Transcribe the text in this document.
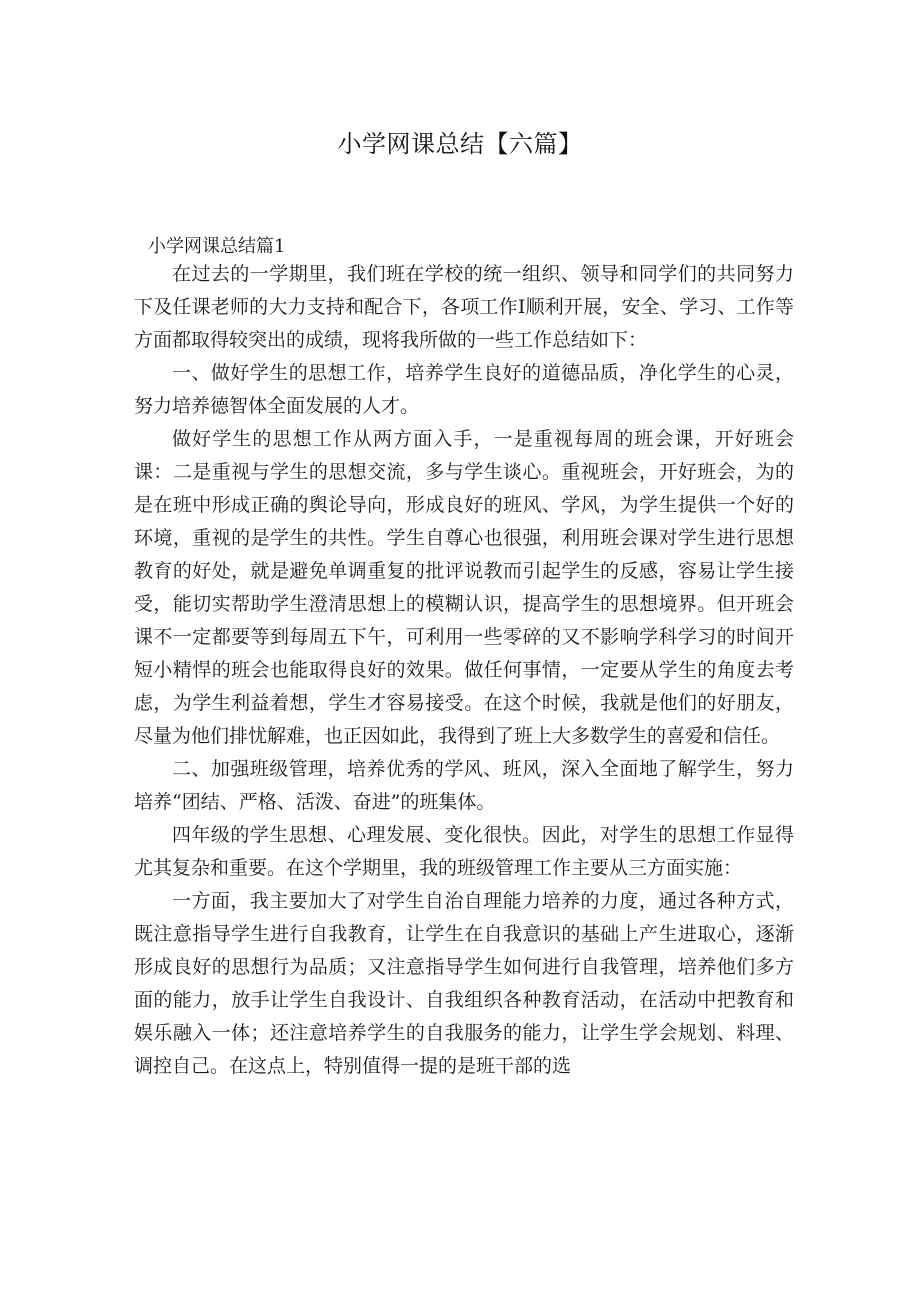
小学网课总结【六篇】
小学网课总结篇1

在过去的一学期里，我们班在学校的统一组织、领导和同学们的共同努力下及任课老师的大力支持和配合下，各项工作I顺利开展，安全、学习、工作等方面都取得较突出的成绩，现将我所做的一些工作总结如下：

一、做好学生的思想工作，培养学生良好的道德品质，净化学生的心灵，努力培养德智体全面发展的人才。

做好学生的思想工作从两方面入手，一是重视每周的班会课，开好班会课：二是重视与学生的思想交流，多与学生谈心。重视班会，开好班会，为的是在班中形成正确的舆论导向，形成良好的班风、学风，为学生提供一个好的环境，重视的是学生的共性。学生自尊心也很强，利用班会课对学生进行思想教育的好处，就是避免单调重复的批评说教而引起学生的反感，容易让学生接受，能切实帮助学生澄清思想上的模糊认识，提高学生的思想境界。但开班会课不一定都要等到每周五下午，可利用一些零碎的又不影响学科学习的时间开短小精悍的班会也能取得良好的效果。做任何事情，一定要从学生的角度去考虑，为学生利益着想，学生才容易接受。在这个时候，我就是他们的好朋友，尽量为他们排忧解难，也正因如此，我得到了班上大多数学生的喜爱和信任。

二、加强班级管理，培养优秀的学风、班风，深入全面地了解学生，努力培养“团结、严格、活泼、奋进”的班集体。

四年级的学生思想、心理发展、变化很快。因此，对学生的思想工作显得尤其复杂和重要。在这个学期里，我的班级管理工作主要从三方面实施：

一方面，我主要加大了对学生自治自理能力培养的力度，通过各种方式，既注意指导学生进行自我教育，让学生在自我意识的基础上产生进取心，逐渐形成良好的思想行为品质；又注意指导学生如何进行自我管理，培养他们多方面的能力，放手让学生自我设计、自我组织各种教育活动，在活动中把教育和娱乐融入一体；还注意培养学生的自我服务的能力，让学生学会规划、料理、调控自己。在这点上，特别值得一提的是班干部的选
